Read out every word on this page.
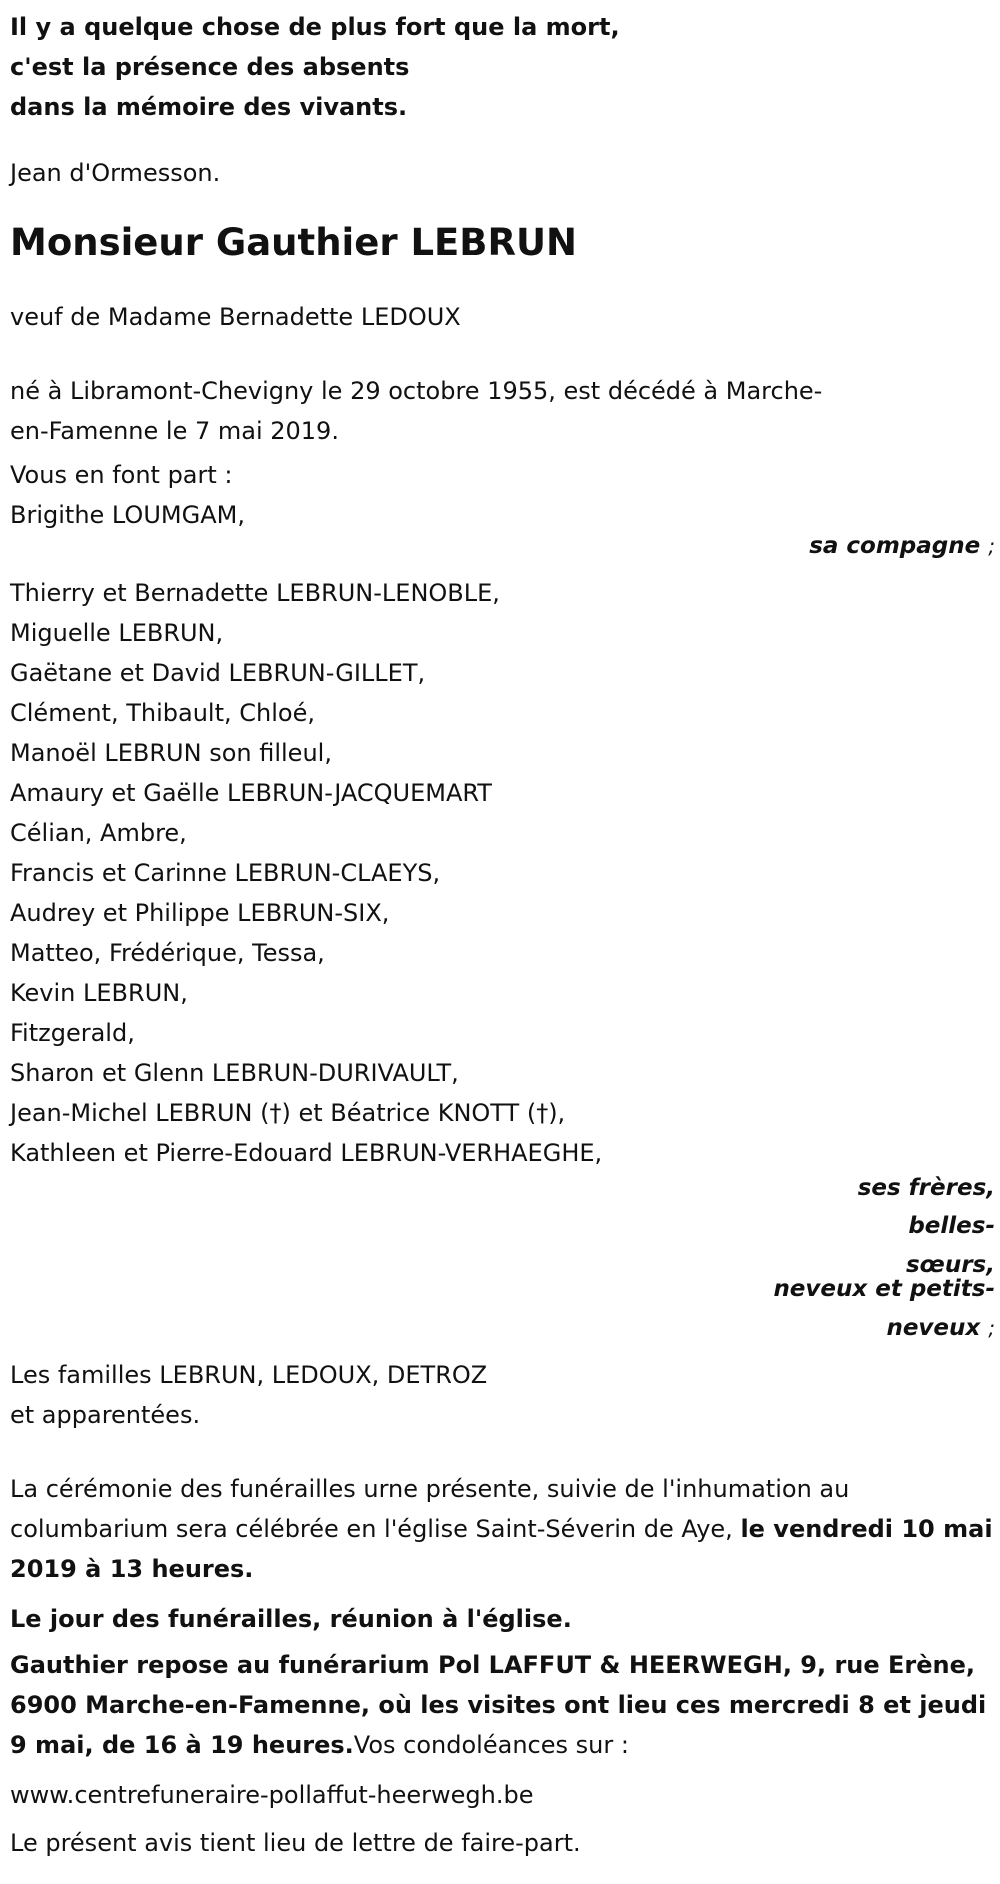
Il y a quelque chose de plus fort que la mort,
c'est la présence des absents
dans la mémoire des vivants.
Jean d'Ormesson.
Monsieur Gauthier LEBRUN
veuf de Madame Bernadette LEDOUX
né à Libramont-Chevigny le 29 octobre 1955, est décédé à Marche-
en-Famenne le 7 mai 2019.
Vous en font part :
Brigithe LOUMGAM,
sa compagne ;
Thierry et Bernadette LEBRUN-LENOBLE,
Miguelle LEBRUN,
Gaëtane et David LEBRUN-GILLET,
Clément, Thibault, Chloé,
Manoël LEBRUN son filleul,
Amaury et Gaëlle LEBRUN-JACQUEMART
Célian, Ambre,
Francis et Carinne LEBRUN-CLAEYS,
Audrey et Philippe LEBRUN-SIX,
Matteo, Frédérique, Tessa,
Kevin LEBRUN,
Fitzgerald,
Sharon et Glenn LEBRUN-DURIVAULT,
Jean-Michel LEBRUN (†) et Béatrice KNOTT (†),
Kathleen et Pierre-Edouard LEBRUN-VERHAEGHE,
ses frères, belles-
sœurs,
neveux et petits-
neveux ;
Les familles LEBRUN, LEDOUX, DETROZ
et apparentées.
La cérémonie des funérailles urne présente, suivie de l'inhumation au columbarium sera célébrée en l'église Saint-Séverin de Aye, le vendredi 10 mai 2019 à 13 heures.
Le jour des funérailles, réunion à l'église.
Gauthier repose au funérarium Pol LAFFUT & HEERWEGH, 9, rue Erène, 6900 Marche-en-Famenne, où les visites ont lieu ces mercredi 8 et jeudi 9 mai, de 16 à 19 heures.Vos condoléances sur :
www.centrefuneraire-pollaffut-heerwegh.be
Le présent avis tient lieu de lettre de faire-part.
